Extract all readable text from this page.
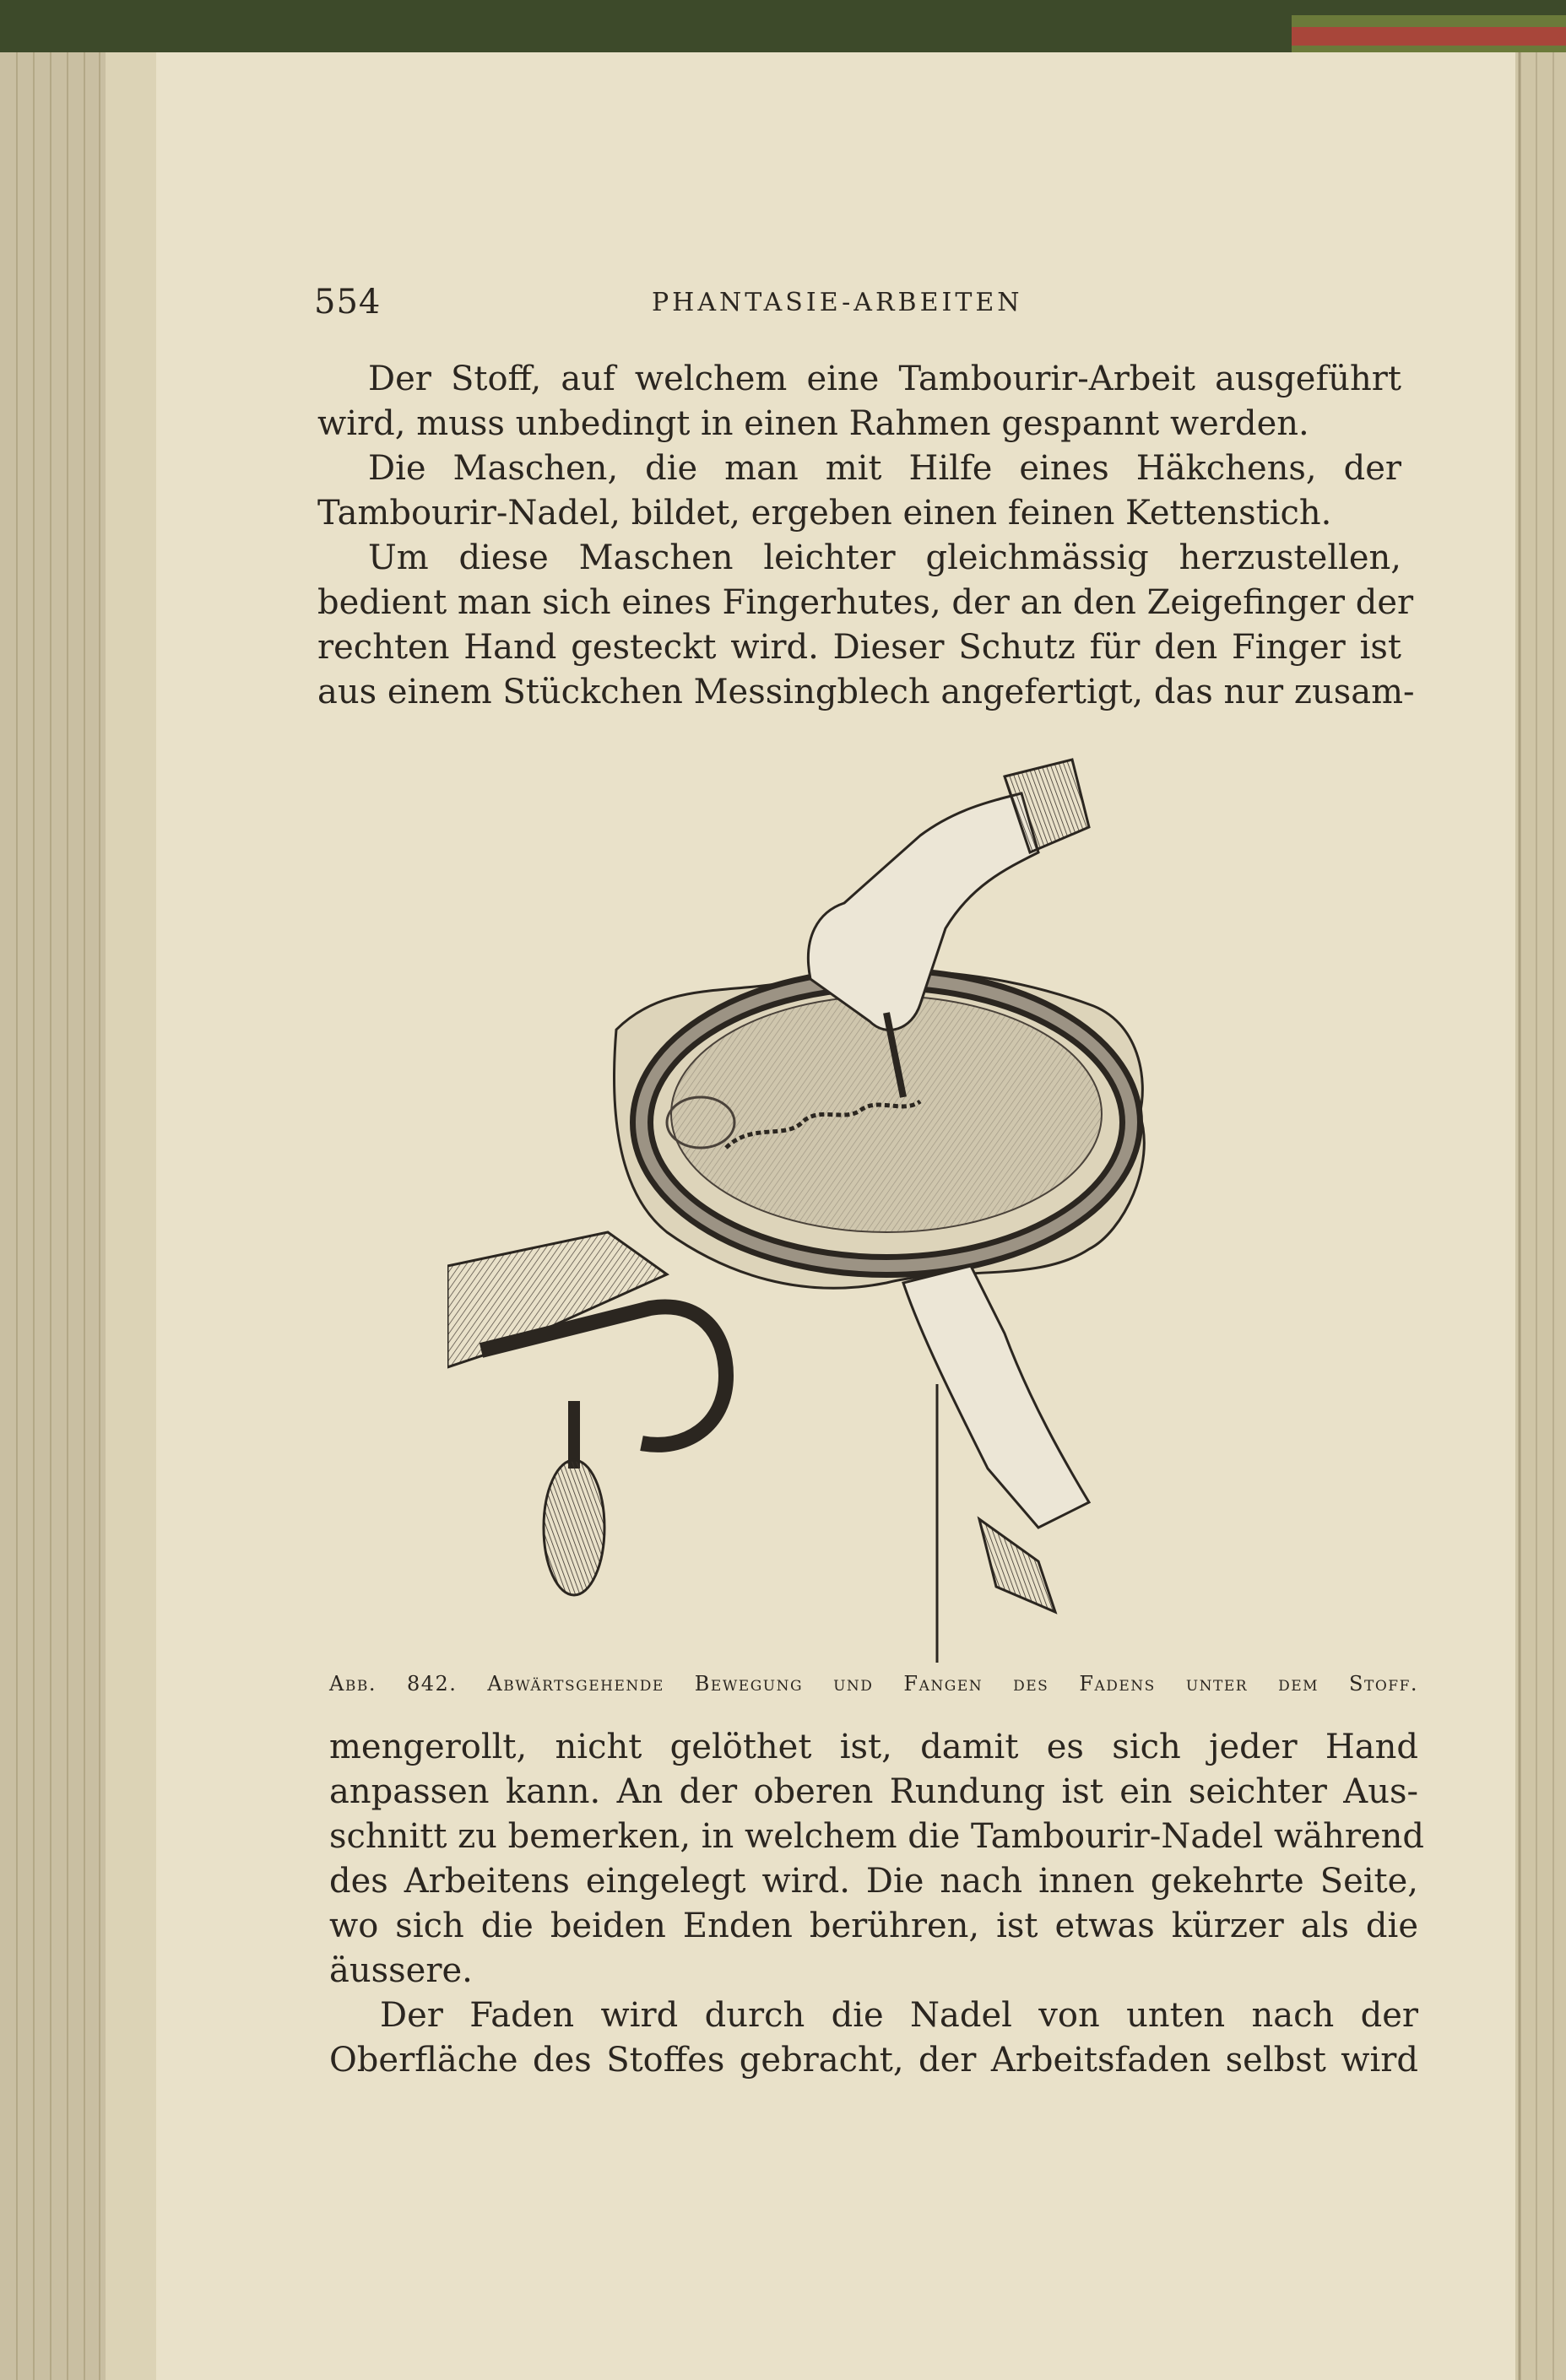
554	PHANTASIE-ARBEITEN
Der Stoff, auf welchem eine Tambourir-Arbeit ausgeführt
wird, muss unbedingt in einen Rahmen gespannt werden.
Die Maschen, die man mit Hilfe eines Häkchens, der
Tambourir-Nadel, bildet, ergeben einen feinen Kettenstich.
Um diese Maschen leichter gleichmässig herzustellen,
bedient man sich eines Fingerhutes, der an den Zeigefinger der
rechten Hand gesteckt wird. Dieser Schutz für den Finger ist
aus einem Stückchen Messingblech angefertigt, das nur zusam-
Abb. 842. Abwärtsgehende Bewegung und Fangen des Fadens unter dem Stoff.
mengerollt, nicht gelöthet ist, damit es sich jeder Hand
anpassen kann. An der oberen Rundung ist ein seichter Aus-
schnitt zu bemerken, in welchem die Tambourir-Nadel während
des Arbeitens eingelegt wird. Die nach innen gekehrte Seite,
wo sich die beiden Enden berühren, ist etwas kürzer als die
äussere.
Der Faden wird durch die Nadel von unten nach der
Oberfläche des Stoffes gebracht, der Arbeitsfaden selbst wird
